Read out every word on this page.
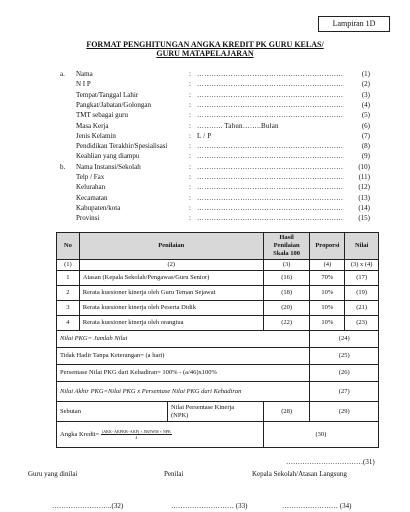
Lampiran 1D
FORMAT PENGHITUNGAN ANGKA KREDIT PK GURU KELAS/
GURU MATAPELAJARAN
a. Nama	: …………………………………………………….	(1)
N I P	: …………………………………………………….	(2)
Tempat/Tanggal Lahir	: …………………………………………………….	(3)
Pangkat/Jabatan/Golongan	: …………………………………………………….	(4)
TMT sebagai guru	: …………………………………………………….	(5)
Masa Kerja	: ……….. Tahun……..Bulan	(6)
Jenis Kelamin	: L / P	(7)
Pendidikan Terakhir/Spesialisasi	: …………………………………………………….	(8)
Keahlian yang diampu	: …………………………………………………….	(9)
b. Nama Instansi/Sekolah	: …………………………………………………….	(10)
Telp / Fax	: …………………………………………………….	(11)
Kelurahan	: …………………………………………………….	(12)
Kecamatan	: …………………………………………………….	(13)
Kabupaten/kota	: …………………………………………………….	(14)
Provinsi	: …………………………………………………….	(15)
No	Penilaian	Hasil Penilaian Skala 100	Proporsi	Nilai
(1)	(2)	(3)	(4)	(3) x (4)
1	Atasan (Kepala Sekolah/Pengawas/Guru Senior)	(16)	70%	(17)
2	Rerata kuesioner kinerja oleh Guru Teman Sejawat	(18)	10%	(19)
3	Rerata kuesioner kinerja oleh Peserta Didik	(20)	10%	(21)
4	Rerata kuesioner kinerja oleh orangtua	(22)	10%	(23)
Nilai PKG= Jumlah Nilai			(24)	
Tidak Hadir Tanpa Keterangan= (a hari)			(25)	
Persentase Nilai PKG dari Kehadiran= 100% - (a/46)x100%			(26)	
Nilai Akhir PKG=Nilai PKG x Persentase Nilai PKG dari Kehadiran			(27)	
Sebutan Nilai Persentase Kinerja (NPK)		(28)	(29)	
Angka Kredit= $\frac{\text{(AKK−AKPKB−AKP) × JM/JWM × NPK}}{4}$		(30)		
……………………………(31)
Guru yang dinilai	Penilai	Kepala Sekolah/Atasan Langsung
……………………..(32)	……………………… (33)	…………………… (34)
